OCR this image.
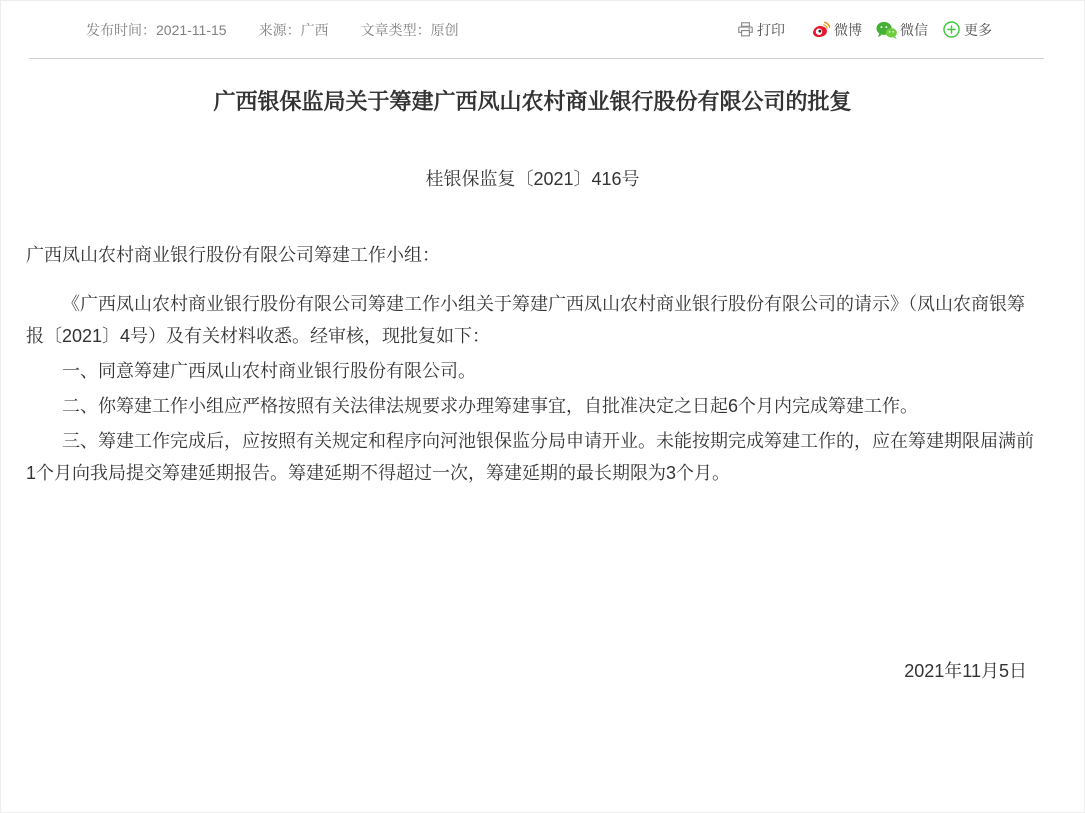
发布时间： 2021-11-15 来源： 广西 文章类型： 原创	打印	微博	微信	更多
广西银保监局关于筹建广西凤山农村商业银行股份有限公司的批复
桂银保监复〔2021〕416号

广西凤山农村商业银行股份有限公司筹建工作小组：

《广西凤山农村商业银行股份有限公司筹建工作小组关于筹建广西凤山农村商业银行股份有限公司的请示》（凤山农商银筹报〔2021〕4号）及有关材料收悉。经审核，现批复如下：

一、同意筹建广西凤山农村商业银行股份有限公司。

二、你筹建工作小组应严格按照有关法律法规要求办理筹建事宜，自批准决定之日起6个月内完成筹建工作。

三、筹建工作完成后，应按照有关规定和程序向河池银保监分局申请开业。未能按期完成筹建工作的，应在筹建期限届满前1个月向我局提交筹建延期报告。筹建延期不得超过一次，筹建延期的最长期限为3个月。

2021年11月5日
